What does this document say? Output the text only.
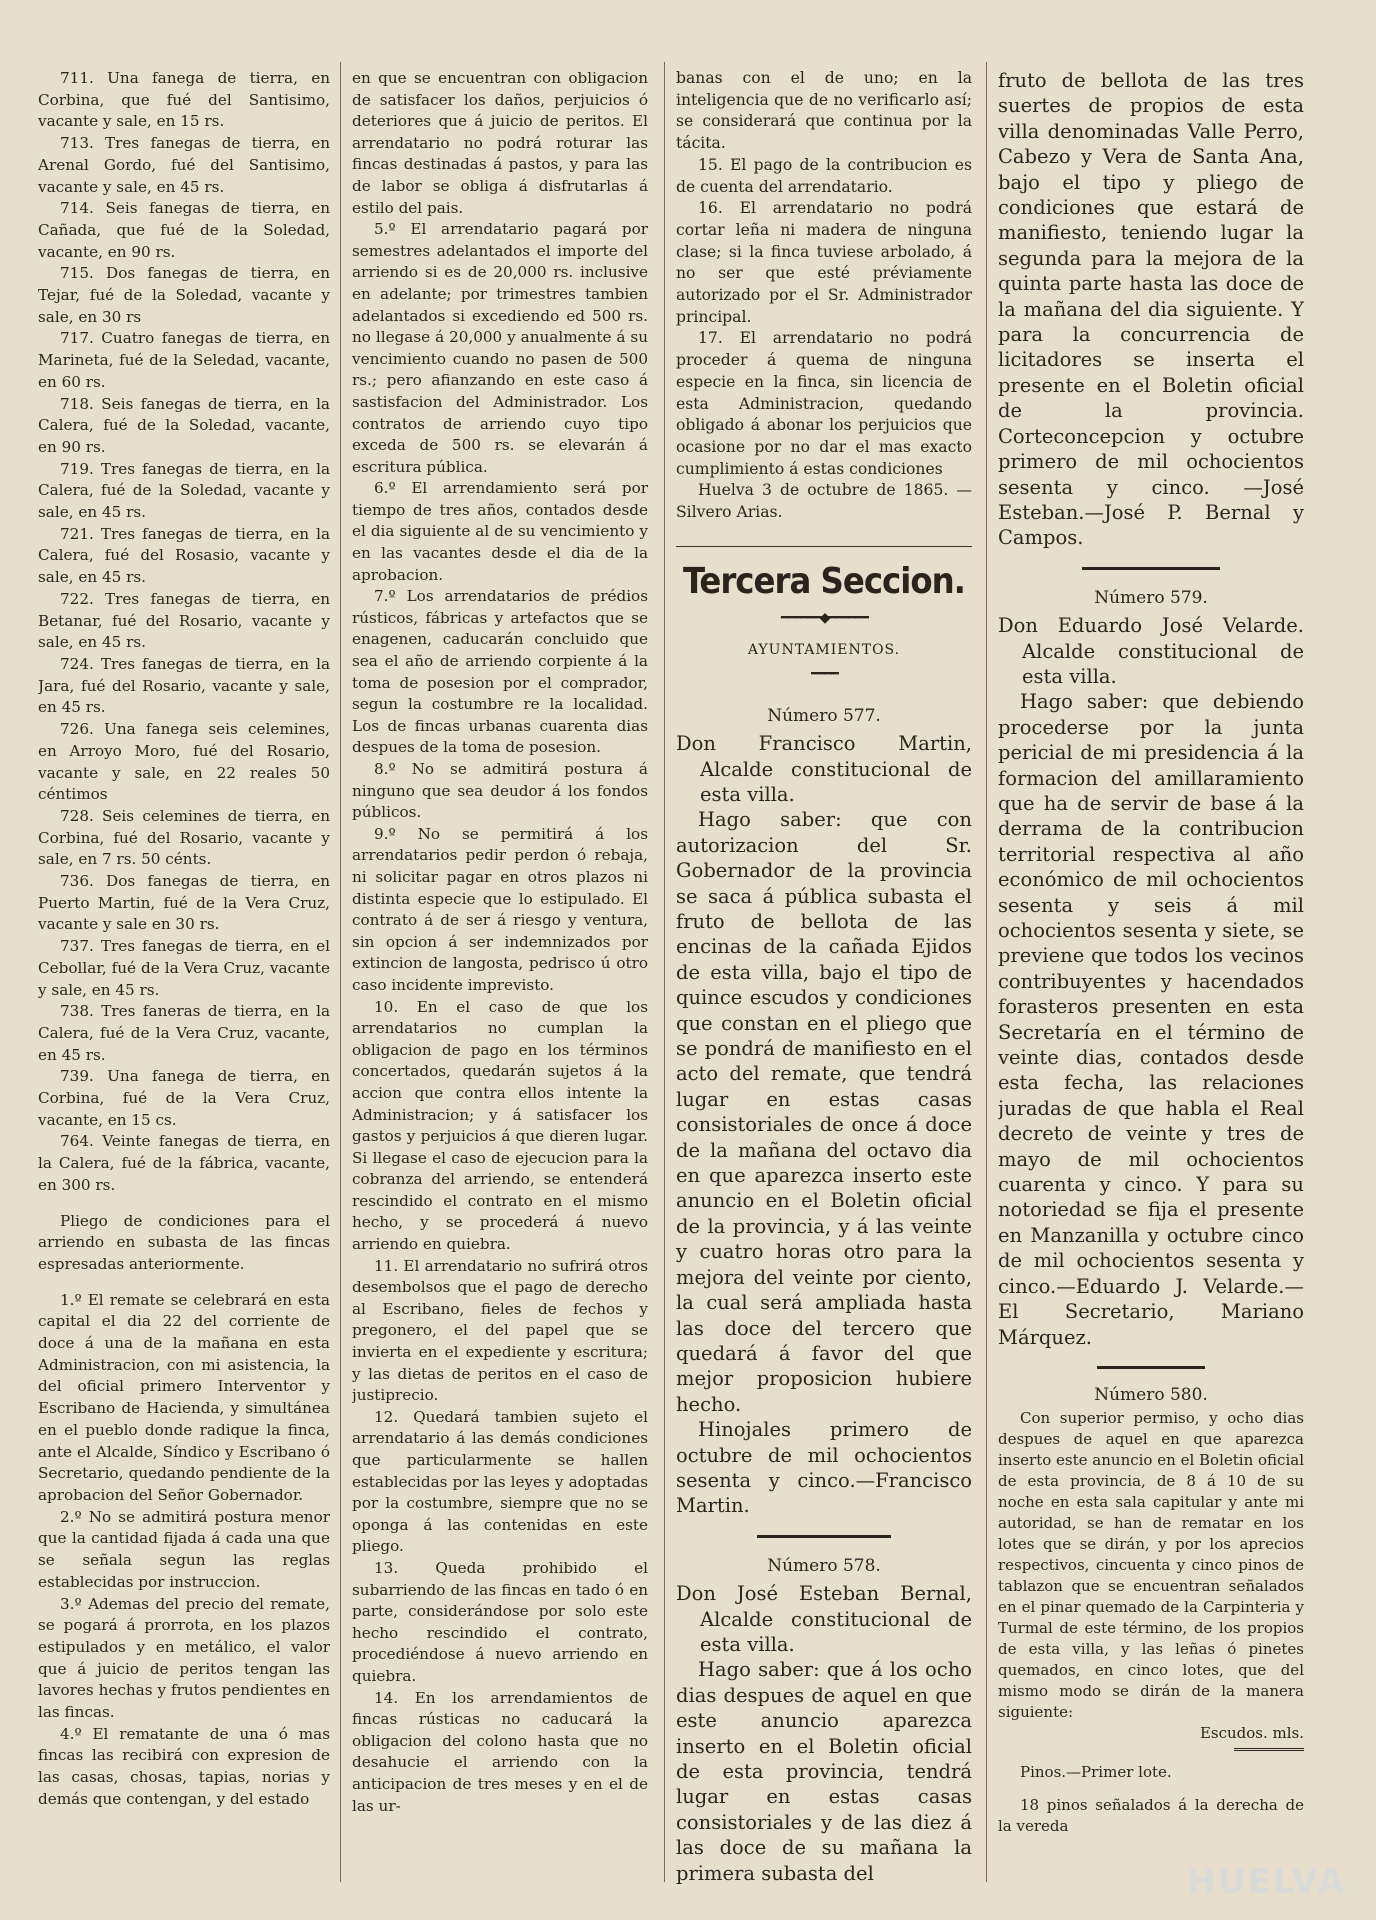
711. Una fanega de tierra, en Corbina, que fué del Santisimo, vacante y sale, en 15 rs.

713. Tres fanegas de tierra, en Arenal Gordo, fué del Santisimo, vacante y sale, en 45 rs.

714. Seis fanegas de tierra, en Cañada, que fué de la Soledad, vacante, en 90 rs.

715. Dos fanegas de tierra, en Tejar, fué de la Soledad, vacante y sale, en 30 rs

717. Cuatro fanegas de tierra, en Marineta, fué de la Seledad, vacante, en 60 rs.

718. Seis fanegas de tierra, en la Calera, fué de la Soledad, vacante, en 90 rs.

719. Tres fanegas de tierra, en la Calera, fué de la Soledad, vacante y sale, en 45 rs.

721. Tres fanegas de tierra, en la Calera, fué del Rosasio, vacante y sale, en 45 rs.

722. Tres fanegas de tierra, en Betanar, fué del Rosario, vacante y sale, en 45 rs.

724. Tres fanegas de tierra, en la Jara, fué del Rosario, vacante y sale, en 45 rs.

726. Una fanega seis celemines, en Arroyo Moro, fué del Rosario, vacante y sale, en 22 reales 50 céntimos

728. Seis celemines de tierra, en Corbina, fué del Rosario, vacante y sale, en 7 rs. 50 cénts.

736. Dos fanegas de tierra, en Puerto Martin, fué de la Vera Cruz, vacante y sale en 30 rs.

737. Tres fanegas de tierra, en el Cebollar, fué de la Vera Cruz, vacante y sale, en 45 rs.

738. Tres faneras de tierra, en la Calera, fué de la Vera Cruz, vacante, en 45 rs.

739. Una fanega de tierra, en Corbina, fué de la Vera Cruz, vacante, en 15 cs.

764. Veinte fanegas de tierra, en la Calera, fué de la fábrica, vacante, en 300 rs.

Pliego de condiciones para el arriendo en subasta de las fincas espresadas anteriormente.

1.º El remate se celebrará en esta capital el dia 22 del corriente de doce á una de la mañana en esta Administracion, con mi asistencia, la del oficial primero Interventor y Escribano de Hacienda, y simultánea en el pueblo donde radique la finca, ante el Alcalde, Síndico y Escribano ó Secretario, quedando pendiente de la aprobacion del Señor Gobernador.

2.º No se admitirá postura menor que la cantidad fijada á cada una que se señala segun las reglas establecidas por instruccion.

3.º Ademas del precio del remate, se pogará á prorrota, en los plazos estipulados y en metálico, el valor que á juicio de peritos tengan las lavores hechas y frutos pendientes en las fincas.

4.º El rematante de una ó mas fincas las recibirá con expresion de las casas, chosas, tapias, norias y demás que contengan, y del estado

en que se encuentran con obligacion de satisfacer los daños, perjuicios ó deteriores que á juicio de peritos. El arrendatario no podrá roturar las fincas destinadas á pastos, y para las de labor se obliga á disfrutarlas á estilo del pais.

5.º El arrendatario pagará por semestres adelantados el importe del arriendo si es de 20,000 rs. inclusive en adelante; por trimestres tambien adelantados si excediendo ed 500 rs. no llegase á 20,000 y anualmente á su vencimiento cuando no pasen de 500 rs.; pero afianzando en este caso á sastisfacion del Administrador. Los contratos de arriendo cuyo tipo exceda de 500 rs. se elevarán á escritura pública.

6.º El arrendamiento será por tiempo de tres años, contados desde el dia siguiente al de su vencimiento y en las vacantes desde el dia de la aprobacion.

7.º Los arrendatarios de prédios rústicos, fábricas y artefactos que se enagenen, caducarán concluido que sea el año de arriendo corpiente á la toma de posesion por el comprador, segun la costumbre re la localidad. Los de fincas urbanas cuarenta dias despues de la toma de posesion.

8.º No se admitirá postura á ninguno que sea deudor á los fondos públicos.

9.º No se permitirá á los arrendatarios pedir perdon ó rebaja, ni solicitar pagar en otros plazos ni distinta especie que lo estipulado. El contrato á de ser á riesgo y ventura, sin opcion á ser indemnizados por extincion de langosta, pedrisco ú otro caso incidente imprevisto.

10. En el caso de que los arrendatarios no cumplan la obligacion de pago en los términos concertados, quedarán sujetos á la accion que contra ellos intente la Administracion; y á satisfacer los gastos y perjuicios á que dieren lugar. Si llegase el caso de ejecucion para la cobranza del arriendo, se entenderá rescindido el contrato en el mismo hecho, y se procederá á nuevo arriendo en quiebra.

11. El arrendatario no sufrirá otros desembolsos que el pago de derecho al Escribano, fieles de fechos y pregonero, el del papel que se invierta en el expediente y escritura; y las dietas de peritos en el caso de justiprecio.

12. Quedará tambien sujeto el arrendatario á las demás condiciones que particularmente se hallen establecidas por las leyes y adoptadas por la costumbre, siempre que no se oponga á las contenidas en este pliego.

13. Queda prohibido el subarriendo de las fincas en tado ó en parte, considerándose por solo este hecho rescindido el contrato, procediéndose á nuevo arriendo en quiebra.

14. En los arrendamientos de fincas rústicas no caducará la obligacion del colono hasta que no desahucie el arriendo con la anticipacion de tres meses y en el de las ur-

banas con el de uno; en la inteligencia que de no verificarlo así; se considerará que continua por la tácita.

15. El pago de la contribucion es de cuenta del arrendatario.

16. El arrendatario no podrá cortar leña ni madera de ninguna clase; si la finca tuviese arbolado, á no ser que esté préviamente autorizado por el Sr. Administrador principal.

17. El arrendatario no podrá proceder á quema de ninguna especie en la finca, sin licencia de esta Administracion, quedando obligado á abonar los perjuicios que ocasione por no dar el mas exacto cumplimiento á estas condiciones

Huelva 3 de octubre de 1865. —Silvero Arias.

Tercera Seccion.
━━━━━━◆━━━━━━
AYUNTAMIENTOS.
━━━━
Número 577.

Don Francisco Martin, Alcalde constitucional de esta villa.

Hago saber: que con autorizacion del Sr. Gobernador de la provincia se saca á pública subasta el fruto de bellota de las encinas de la cañada Ejidos de esta villa, bajo el tipo de quince escudos y condiciones que constan en el pliego que se pondrá de manifiesto en el acto del remate, que tendrá lugar en estas casas consistoriales de once á doce de la mañana del octavo dia en que aparezca inserto este anuncio en el Boletin oficial de la provincia, y á las veinte y cuatro horas otro para la mejora del veinte por ciento, la cual será ampliada hasta las doce del tercero que quedará á favor del que mejor proposicion hubiere hecho.

Hinojales primero de octubre de mil ochocientos sesenta y cinco.—Francisco Martin.

Número 578.

Don José Esteban Bernal, Alcalde constitucional de esta villa.

Hago saber: que á los ocho dias despues de aquel en que este anuncio aparezca inserto en el Boletin oficial de esta provincia, tendrá lugar en estas casas consistoriales y de las diez á las doce de su mañana la primera subasta del

fruto de bellota de las tres suertes de propios de esta villa denominadas Valle Perro, Cabezo y Vera de Santa Ana, bajo el tipo y pliego de condiciones que estará de manifiesto, teniendo lugar la segunda para la mejora de la quinta parte hasta las doce de la mañana del dia siguiente. Y para la concurrencia de licitadores se inserta el presente en el Boletin oficial de la provincia. Corteconcepcion y octubre primero de mil ochocientos sesenta y cinco. —José Esteban.—José P. Bernal y Campos.

Número 579.

Don Eduardo José Velarde. Alcalde constitucional de esta villa.

Hago saber: que debiendo procederse por la junta pericial de mi presidencia á la formacion del amillaramiento que ha de servir de base á la derrama de la contribucion territorial respectiva al año económico de mil ochocientos sesenta y seis á mil ochocientos sesenta y siete, se previene que todos los vecinos contribuyentes y hacendados forasteros presenten en esta Secretaría en el término de veinte dias, contados desde esta fecha, las relaciones juradas de que habla el Real decreto de veinte y tres de mayo de mil ochocientos cuarenta y cinco. Y para su notoriedad se fija el presente en Manzanilla y octubre cinco de mil ochocientos sesenta y cinco.—Eduardo J. Velarde.—El Secretario, Mariano Márquez.

Número 580.

Con superior permiso, y ocho dias despues de aquel en que aparezca inserto este anuncio en el Boletin oficial de esta provincia, de 8 á 10 de su noche en esta sala capitular y ante mi autoridad, se han de rematar en los lotes que se dirán, y por los aprecios respectivos, cincuenta y cinco pinos de tablazon que se encuentran señalados en el pinar quemado de la Carpinteria y Turmal de este término, de los propios de esta villa, y las leñas ó pinetes quemados, en cinco lotes, que del mismo modo se dirán de la manera siguiente:

Escudos. mls.

Pinos.—Primer lote.

18 pinos señalados á la derecha de la vereda

HUELVA
